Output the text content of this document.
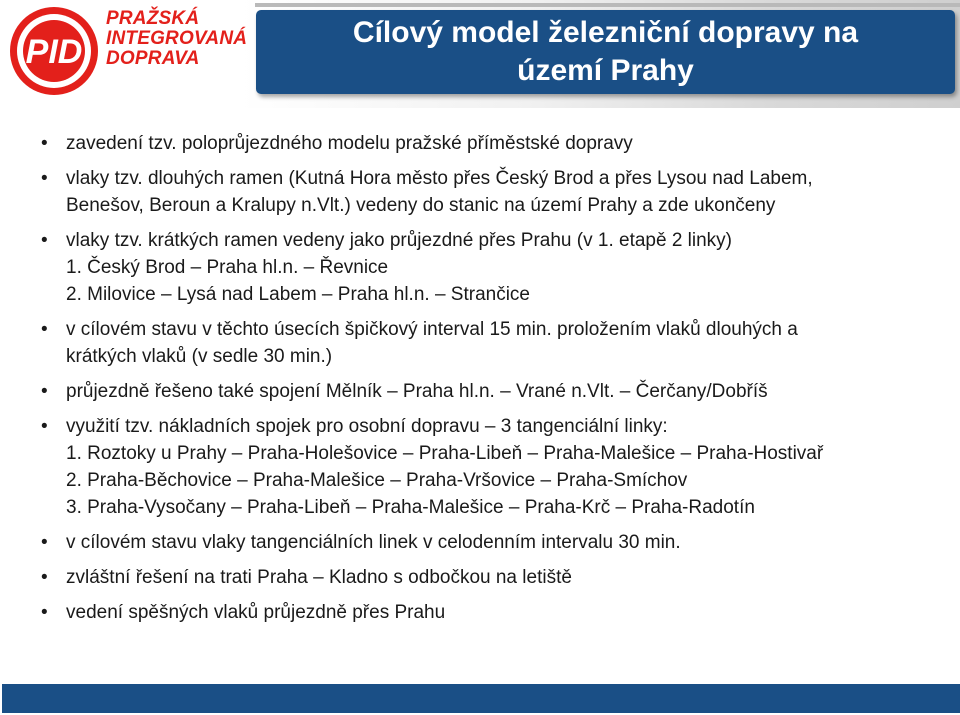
PID
PRAŽSKÁ
INTEGROVANÁ
DOPRAVA
Cílový model železniční dopravy na
území Prahy
• zavedení tzv. poloprůjezdného modelu pražské příměstské dopravy
• vlaky tzv. dlouhých ramen (Kutná Hora město přes Český Brod a přes Lysou nad Labem,
Benešov, Beroun a Kralupy n.Vlt.) vedeny do stanic na území Prahy a zde ukončeny
• vlaky tzv. krátkých ramen vedeny jako průjezdné přes Prahu (v 1. etapě 2 linky)
1. Český Brod – Praha hl.n. – Řevnice
2. Milovice – Lysá nad Labem – Praha hl.n. – Strančice
• v cílovém stavu v těchto úsecích špičkový interval 15 min. proložením vlaků dlouhých a
krátkých vlaků (v sedle 30 min.)
• průjezdně řešeno také spojení Mělník – Praha hl.n. – Vrané n.Vlt. – Čerčany/Dobříš
• využití tzv. nákladních spojek pro osobní dopravu – 3 tangenciální linky:
1. Roztoky u Prahy – Praha-Holešovice – Praha-Libeň – Praha-Malešice – Praha-Hostivař
2. Praha-Běchovice – Praha-Malešice – Praha-Vršovice – Praha-Smíchov
3. Praha-Vysočany – Praha-Libeň – Praha-Malešice – Praha-Krč – Praha-Radotín
• v cílovém stavu vlaky tangenciálních linek v celodenním intervalu 30 min.
• zvláštní řešení na trati Praha – Kladno s odbočkou na letiště
• vedení spěšných vlaků průjezdně přes Prahu
